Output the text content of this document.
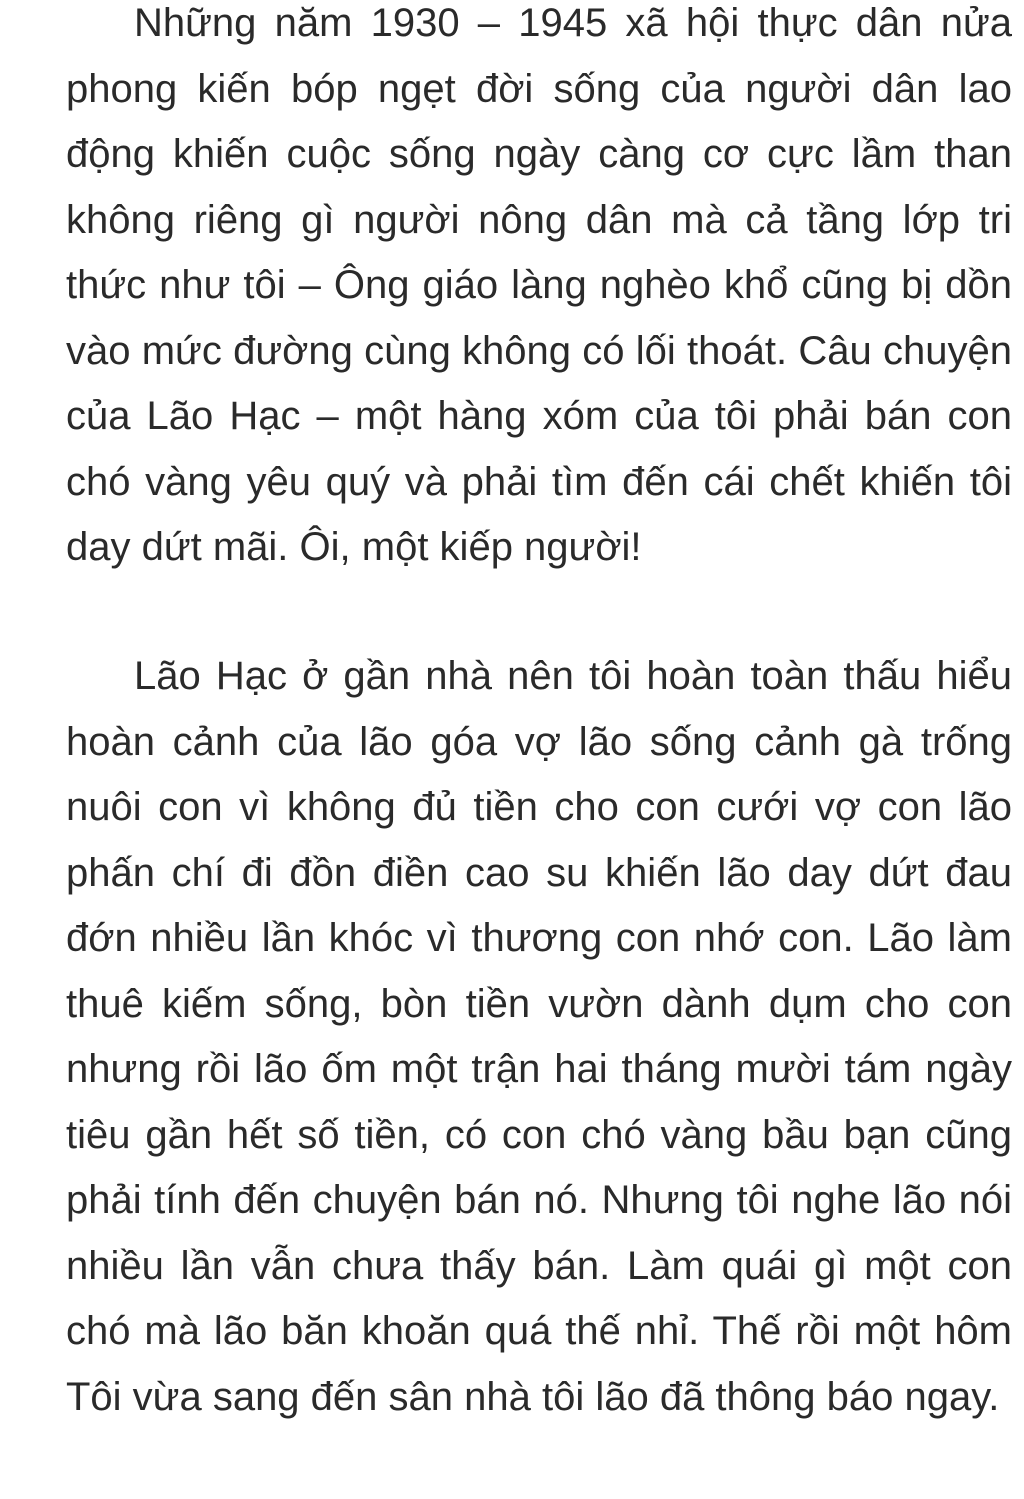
Những năm 1930 – 1945 xã hội thực dân nửa phong kiến bóp ngẹt đời sống của người dân lao động khiến cuộc sống ngày càng cơ cực lầm than không riêng gì người nông dân mà cả tầng lớp tri thức như tôi – Ông giáo làng nghèo khổ cũng bị dồn vào mức đường cùng không có lối thoát. Câu chuyện của Lão Hạc – một hàng xóm của tôi phải bán con chó vàng yêu quý và phải tìm đến cái chết khiến tôi day dứt mãi. Ôi, một kiếp người!

Lão Hạc ở gần nhà nên tôi hoàn toàn thấu hiểu hoàn cảnh của lão góa vợ lão sống cảnh gà trống nuôi con vì không đủ tiền cho con cưới vợ con lão phấn chí đi đồn điền cao su khiến lão day dứt đau đớn nhiều lần khóc vì thương con nhớ con. Lão làm thuê kiếm sống, bòn tiền vườn dành dụm cho con nhưng rồi lão ốm một trận hai tháng mười tám ngày tiêu gần hết số tiền, có con chó vàng bầu bạn cũng phải tính đến chuyện bán nó. Nhưng tôi nghe lão nói nhiều lần vẫn chưa thấy bán. Làm quái gì một con chó mà lão băn khoăn quá thế nhỉ. Thế rồi một hôm Tôi vừa sang đến sân nhà tôi lão đã thông báo ngay.
